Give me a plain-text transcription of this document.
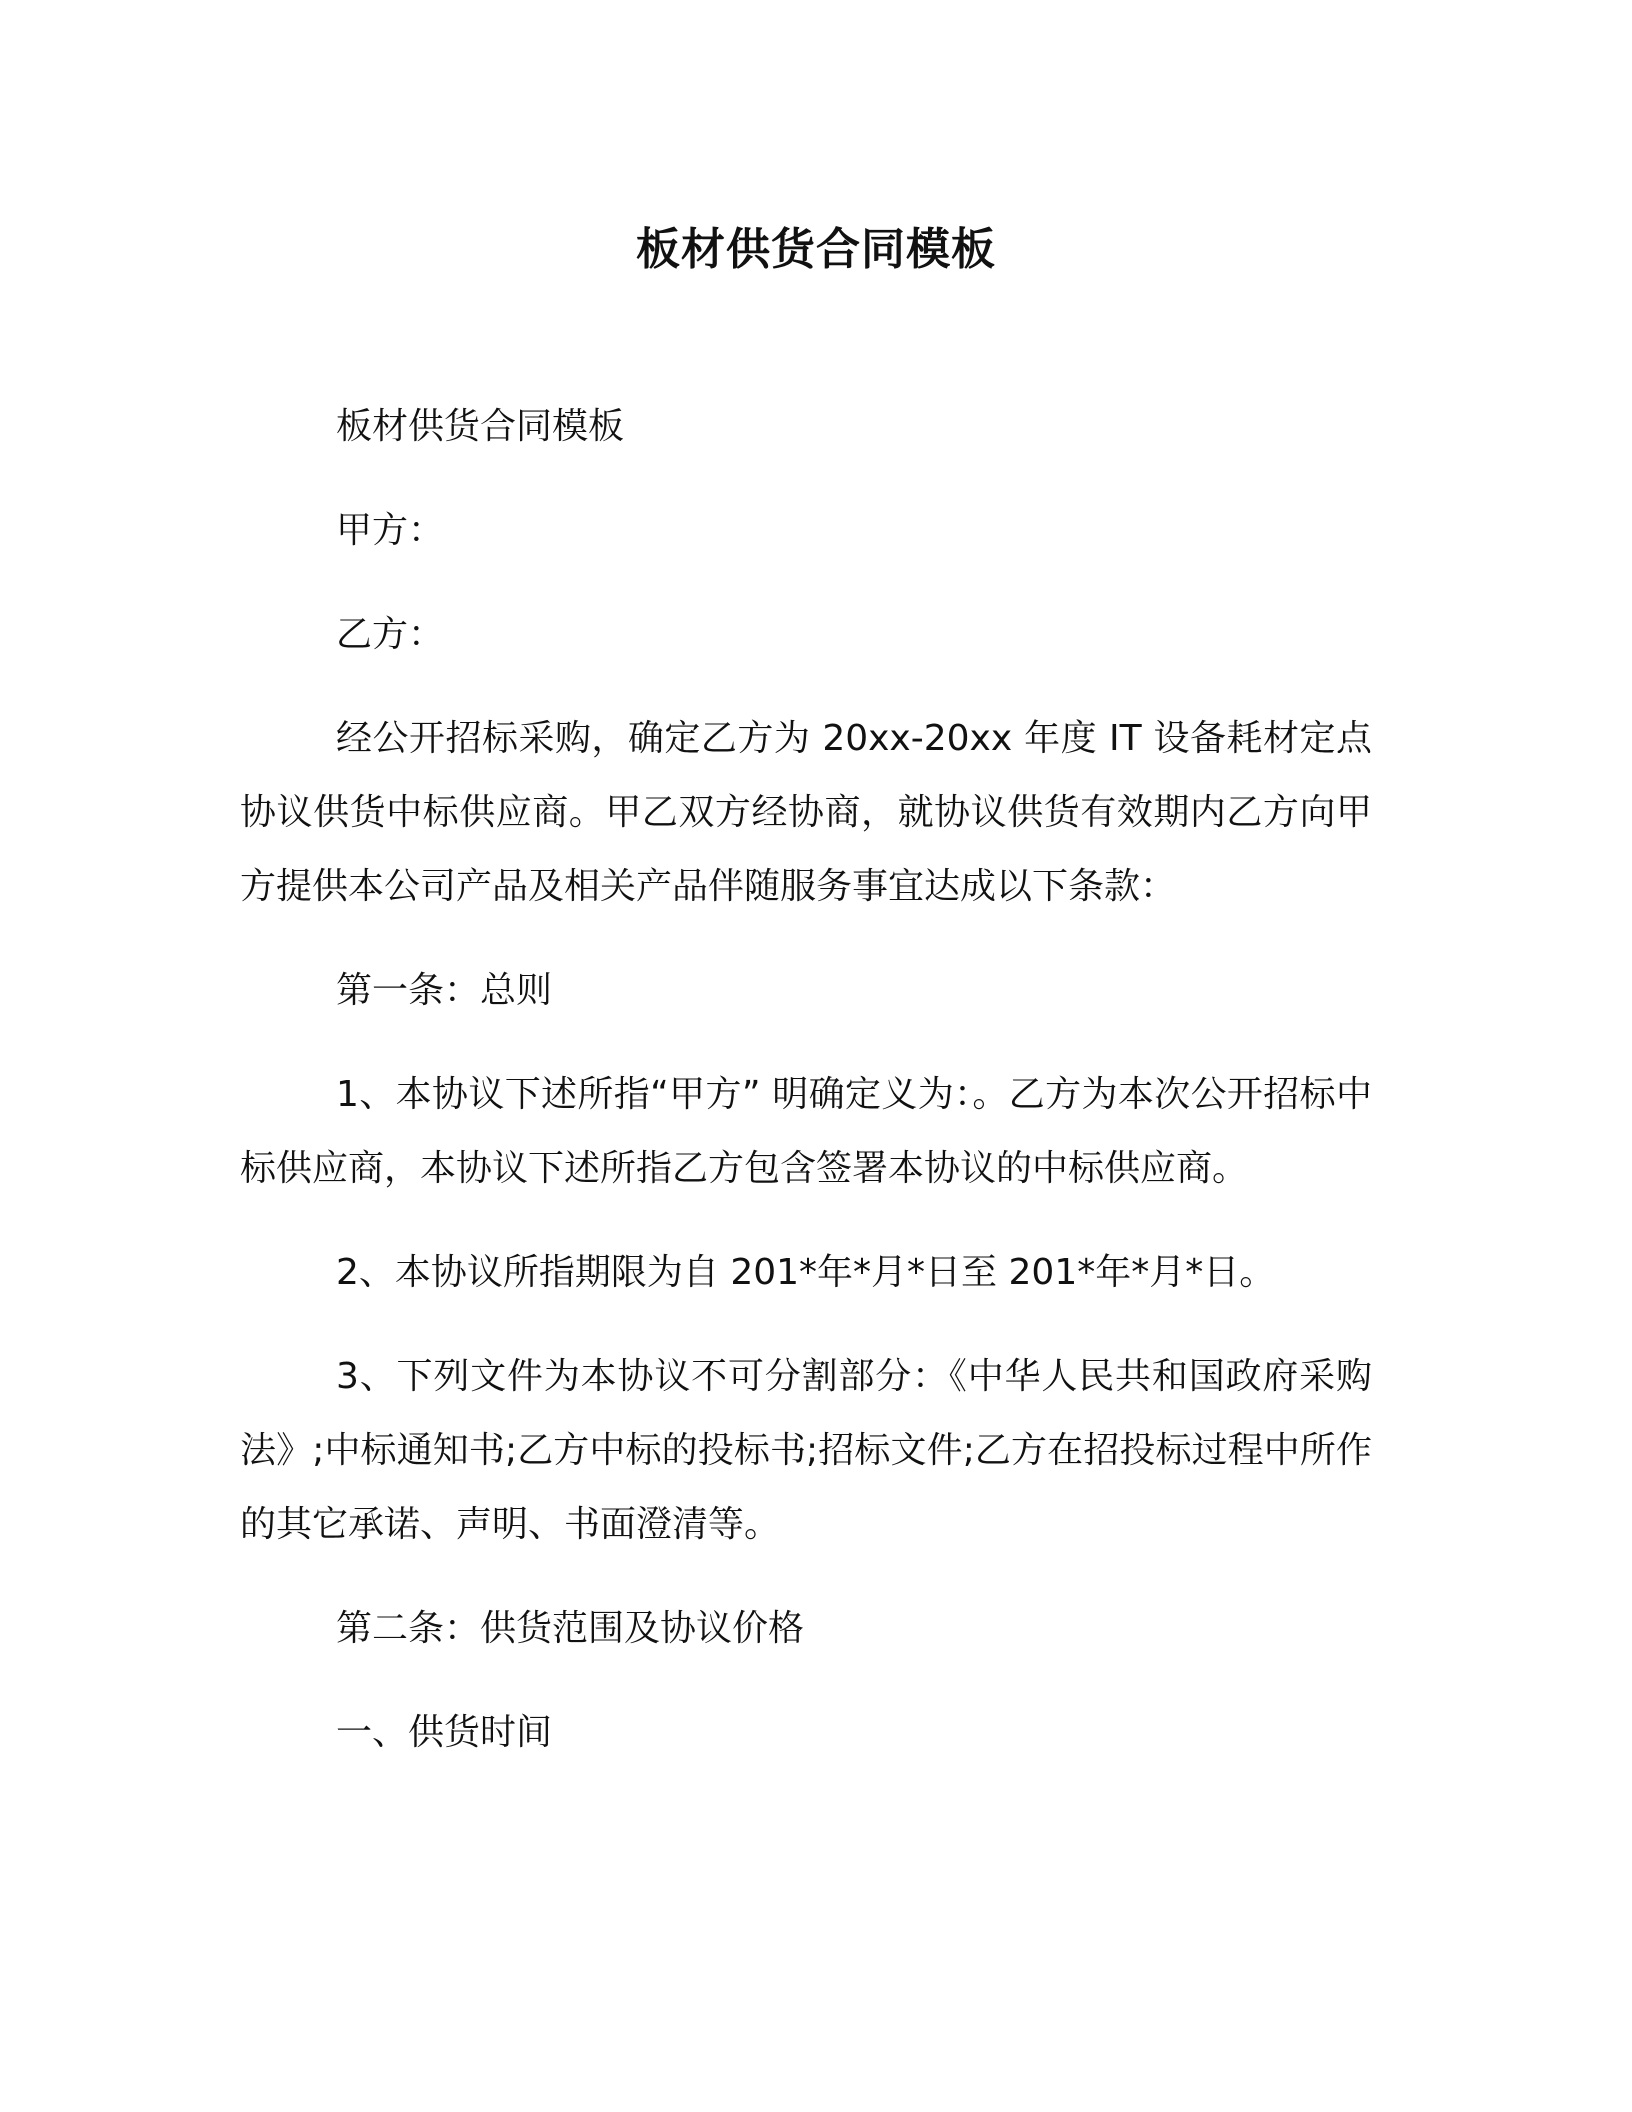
板材供货合同模板

板材供货合同模板

甲方：

乙方：

经公开招标采购，确定乙方为 20xx-20xx 年度 IT 设备耗材定点协议供货中标供应商。甲乙双方经协商，就协议供货有效期内乙方向甲方提供本公司产品及相关产品伴随服务事宜达成以下条款：

第一条：总则

1、本协议下述所指“甲方” 明确定义为：。乙方为本次公开招标中标供应商，本协议下述所指乙方包含签署本协议的中标供应商。

2、本协议所指期限为自 201*年*月*日至 201*年*月*日。

3、下列文件为本协议不可分割部分：《中华人民共和国政府采购法》;中标通知书;乙方中标的投标书;招标文件;乙方在招投标过程中所作的其它承诺、声明、书面澄清等。

第二条：供货范围及协议价格

一、供货时间
